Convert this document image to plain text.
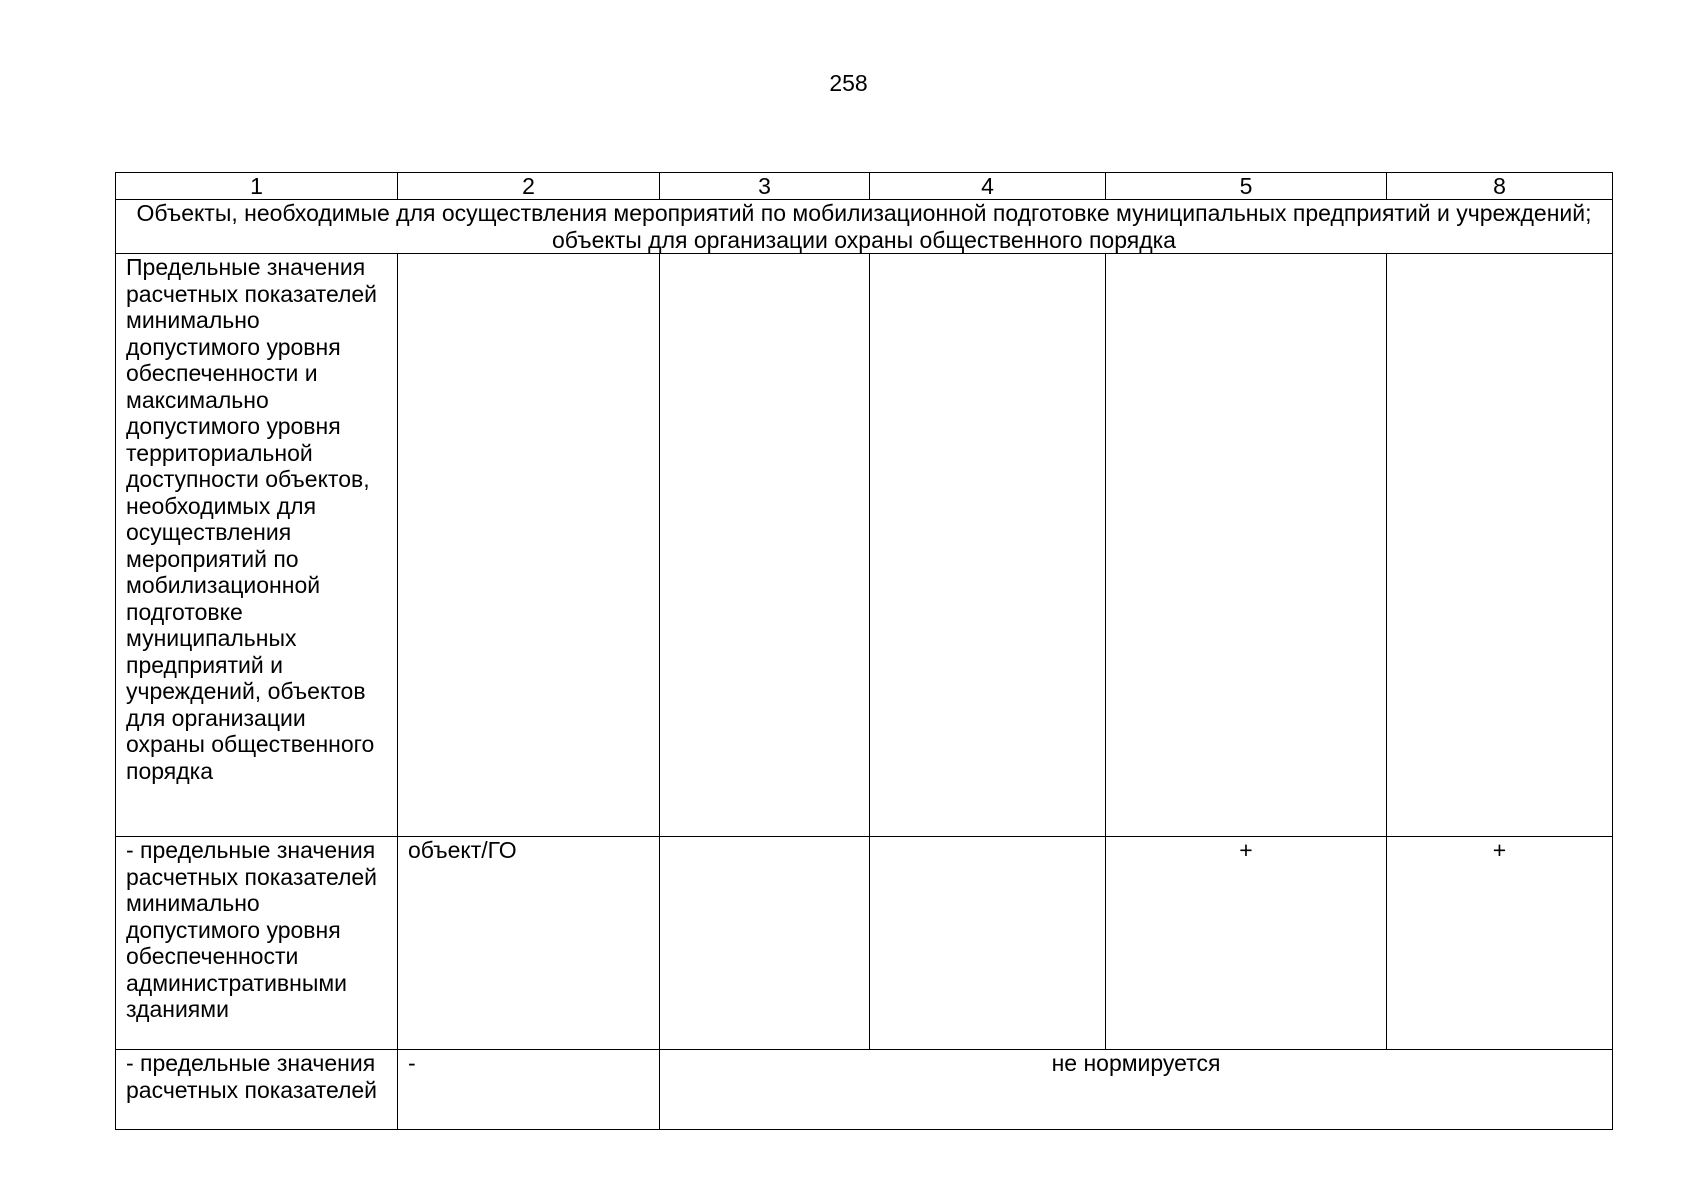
258
1	2	3	4	5	8
Объекты, необходимые для осуществления мероприятий по мобилизационной подготовке муниципальных предприятий и учреждений; объекты для организации охраны общественного порядка					
Предельные значения расчетных показателей минимально допустимого уровня обеспеченности и максимально допустимого уровня территориальной доступности объектов, необходимых для осуществления мероприятий по мобилизационной подготовке муниципальных предприятий и учреждений, объектов для организации охраны общественного порядка					
- предельные значения расчетных показателей минимально допустимого уровня обеспеченности административными зданиями	объект/ГО			+	+
- предельные значения расчетных показателей	-	не нормируется			
